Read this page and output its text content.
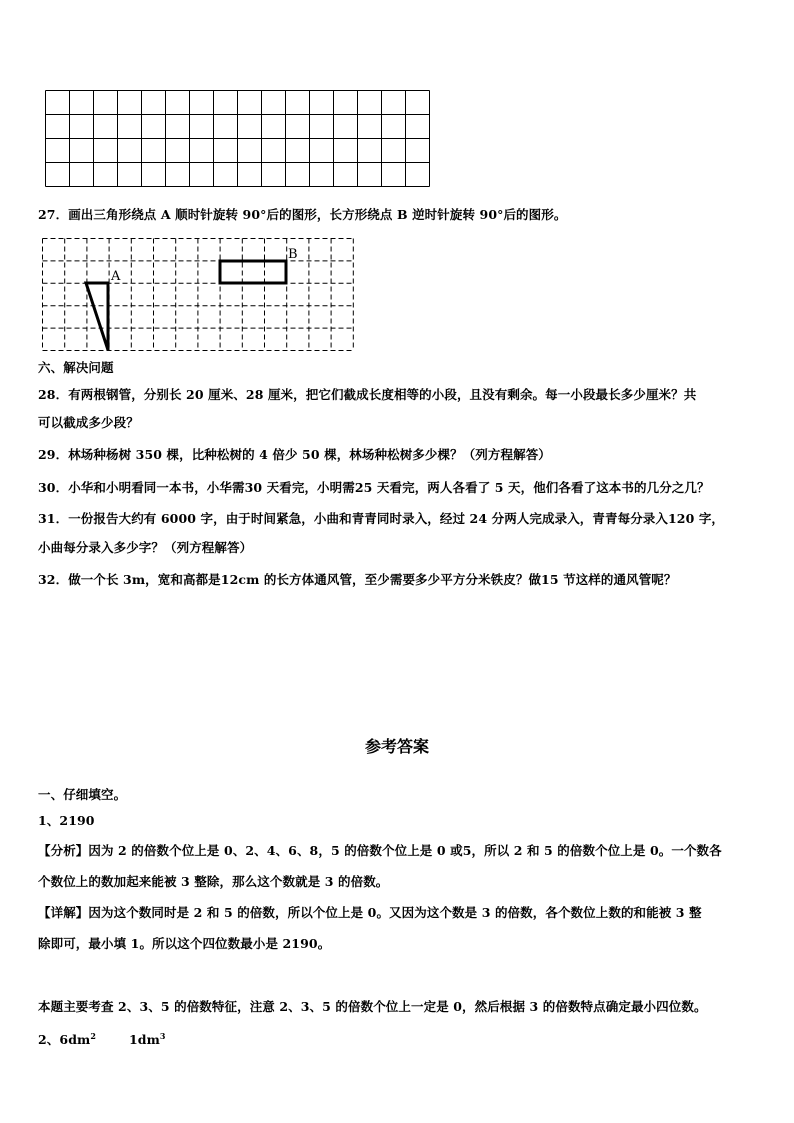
27．画出三角形绕点 A 顺时针旋转 90°后的图形，长方形绕点 B 逆时针旋转 90°后的图形。
A
B
六、解决问题
28．有两根钢管，分别长 20 厘米、28 厘米，把它们截成长度相等的小段，且没有剩余。每一小段最长多少厘米？共
可以截成多少段？
29．林场种杨树 350 棵，比种松树的 4 倍少 50 棵，林场种松树多少棵？（列方程解答）
30．小华和小明看同一本书，小华需30 天看完，小明需25 天看完，两人各看了 5 天，他们各看了这本书的几分之几？
31．一份报告大约有 6000 字，由于时间紧急，小曲和青青同时录入，经过 24 分两人完成录入，青青每分录入120 字，
小曲每分录入多少字？（列方程解答）
32．做一个长 3m，宽和高都是12cm 的长方体通风管，至少需要多少平方分米铁皮？做15 节这样的通风管呢？
参考答案
一、仔细填空。
1、2190
【分析】因为 2 的倍数个位上是 0、2、4、6、8，5 的倍数个位上是 0 或5，所以 2 和 5 的倍数个位上是 0。一个数各
个数位上的数加起来能被 3 整除，那么这个数就是 3 的倍数。
【详解】因为这个数同时是 2 和 5 的倍数，所以个位上是 0。又因为这个数是 3 的倍数，各个数位上数的和能被 3 整
除即可，最小填 1。所以这个四位数最小是 2190。
本题主要考查 2、3、5 的倍数特征，注意 2、3、5 的倍数个位上一定是 0，然后根据 3 的倍数特点确定最小四位数。
2、$6dm^2$	$1dm^3$
